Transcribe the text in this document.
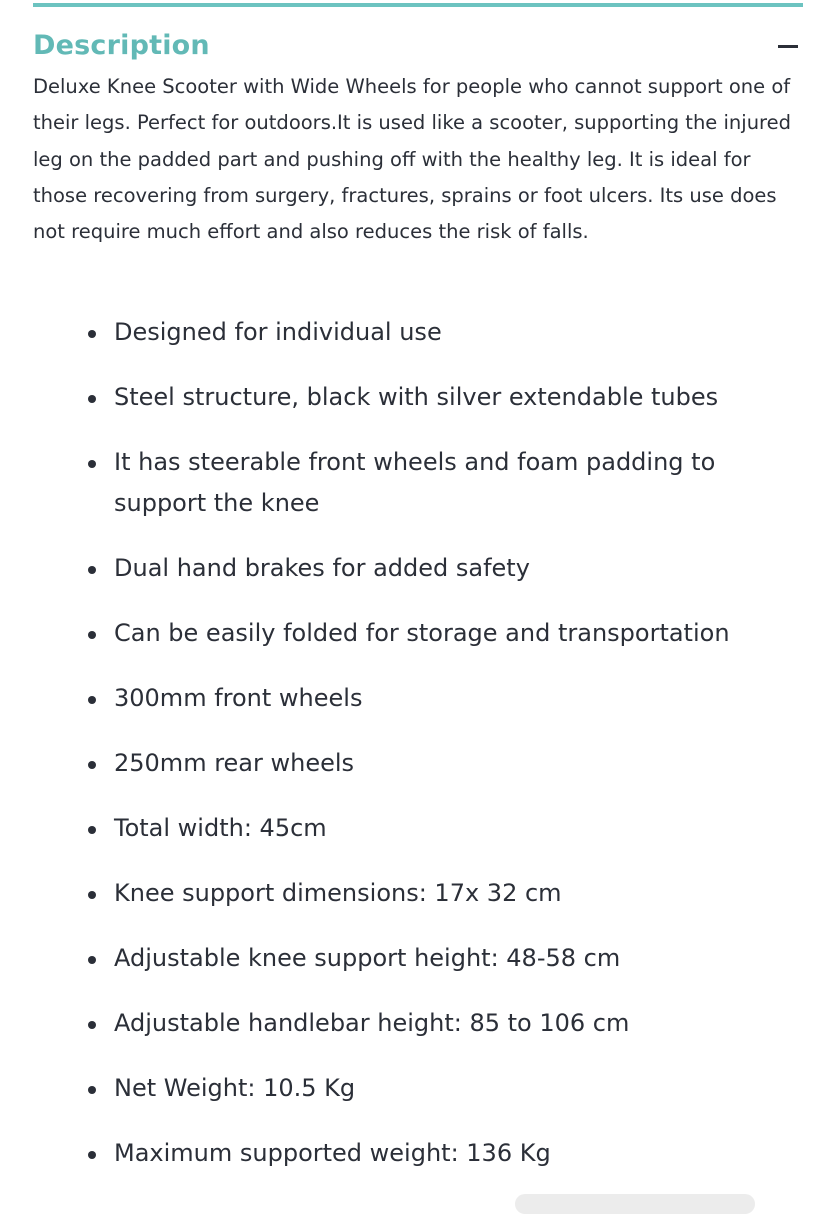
Description

Deluxe Knee Scooter with Wide Wheels for people who cannot support one of their legs. Perfect for outdoors.It is used like a scooter, supporting the injured leg on the padded part and pushing off with the healthy leg. It is ideal for those recovering from surgery, fractures, sprains or foot ulcers. Its use does not require much effort and also reduces the risk of falls.

Designed for individual use
Steel structure, black with silver extendable tubes
It has steerable front wheels and foam padding to support the knee
Dual hand brakes for added safety
Can be easily folded for storage and transportation
300mm front wheels
250mm rear wheels
Total width: 45cm
Knee support dimensions: 17x 32 cm
Adjustable knee support height: 48-58 cm
Adjustable handlebar height: 85 to 106 cm
Net Weight: 10.5 Kg
Maximum supported weight: 136 Kg
